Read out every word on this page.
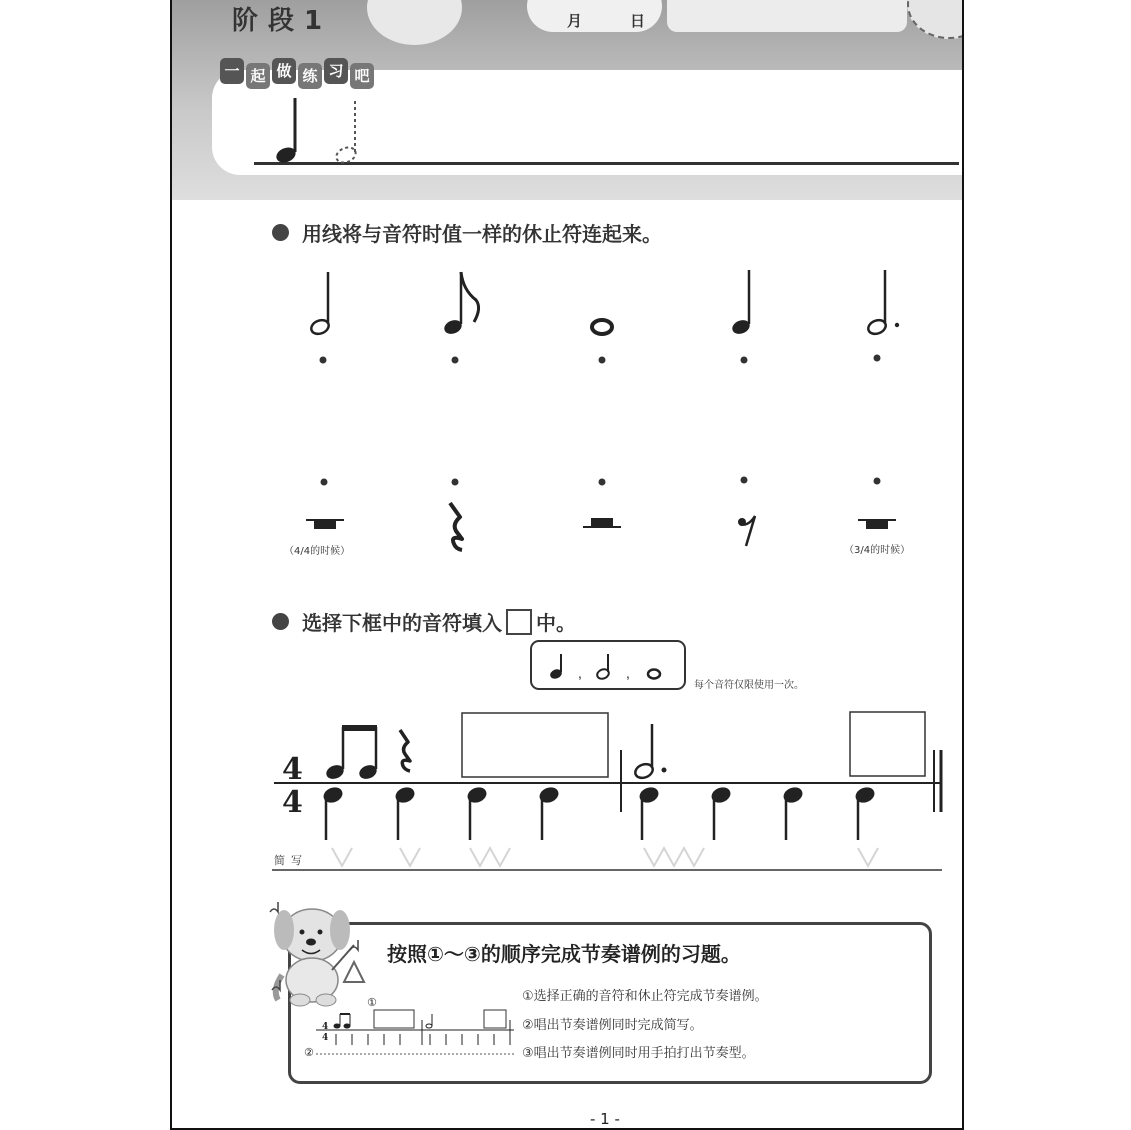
阶段1	月	日
一 起 做 练 习 吧
用线将与音符时值一样的休止符连起来。
（4/4的时候）	（3/4的时候）
选择下框中的音符填入 中。
,	,
每个音符仅限使用一次。
4
4
简写
4
4
①
②
按照①～③的顺序完成节奏谱例的习题。
①选择正确的音符和休止符完成节奏谱例。
②唱出节奏谱例同时完成简写。
③唱出节奏谱例同时用手拍打出节奏型。
- 1 -
